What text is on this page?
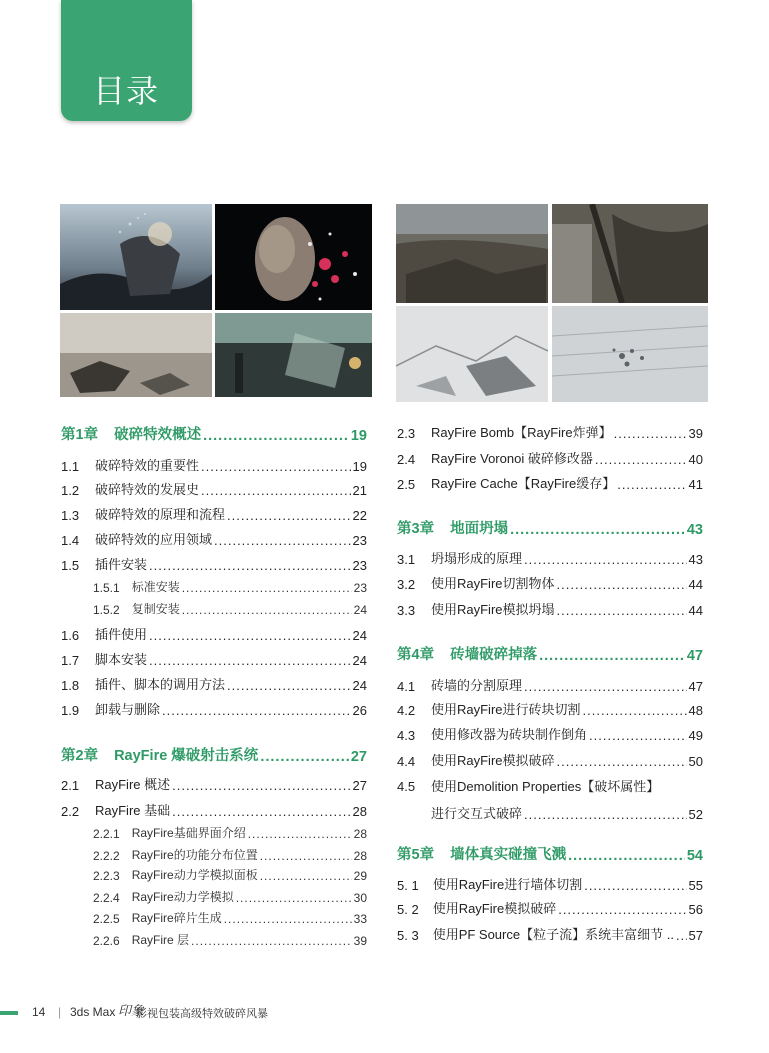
目录
第1章 破碎特效概述 .....	19
1.1 破碎特效的重要性 .....	19
1.2 破碎特效的发展史 .....	21
1.3 破碎特效的原理和流程 .....	22
1.4 破碎特效的应用领域 .....	23
1.5 插件安装 .....	23
1.5.1 标准安装 .....	23
1.5.2 复制安装 .....	24
1.6 插件使用 .....	24
1.7 脚本安装 .....	24
1.8 插件、脚本的调用方法 .....	24
1.9 卸载与删除 .....	26
第2章 RayFire 爆破射击系统 .....	27
2.1 RayFire 概述 .....	27
2.2 RayFire 基础 .....	28
2.2.1 RayFire基础界面介绍 .....	28
2.2.2 RayFire的功能分布位置 .....	28
2.2.3 RayFire动力学模拟面板 .....	29
2.2.4 RayFire动力学模拟 .....	30
2.2.5 RayFire碎片生成 .....	33
2.2.6 RayFire 层 .....	39
2.3 RayFire Bomb【RayFire炸弹】 .....	39
2.4 RayFire Voronoi 破碎修改器 .....	40
2.5 RayFire Cache【RayFire缓存】 .....	41
第3章 地面坍塌 .....	43
3.1 坍塌形成的原理 .....	43
3.2 使用RayFire切割物体 .....	44
3.3 使用RayFire模拟坍塌 .....	44
第4章 砖墙破碎掉落 .....	47
4.1 砖墙的分割原理 .....	47
4.2 使用RayFire进行砖块切割 .....	48
4.3 使用修改器为砖块制作倒角 .....	49
4.4 使用RayFire模拟破碎 .....	50
4.5 使用Demolition Properties【破坏属性】
进行交互式破碎 .....	52
第5章 墙体真实碰撞飞溅 .....	54
5. 1 使用RayFire进行墙体切割 .....	55
5. 2 使用RayFire模拟破碎 .....	56
5. 3 使用PF Source【粒子流】系统丰富细节 .. ..... 57
14 | 3ds Max 印象
影视包装高级特效破碎风暴
